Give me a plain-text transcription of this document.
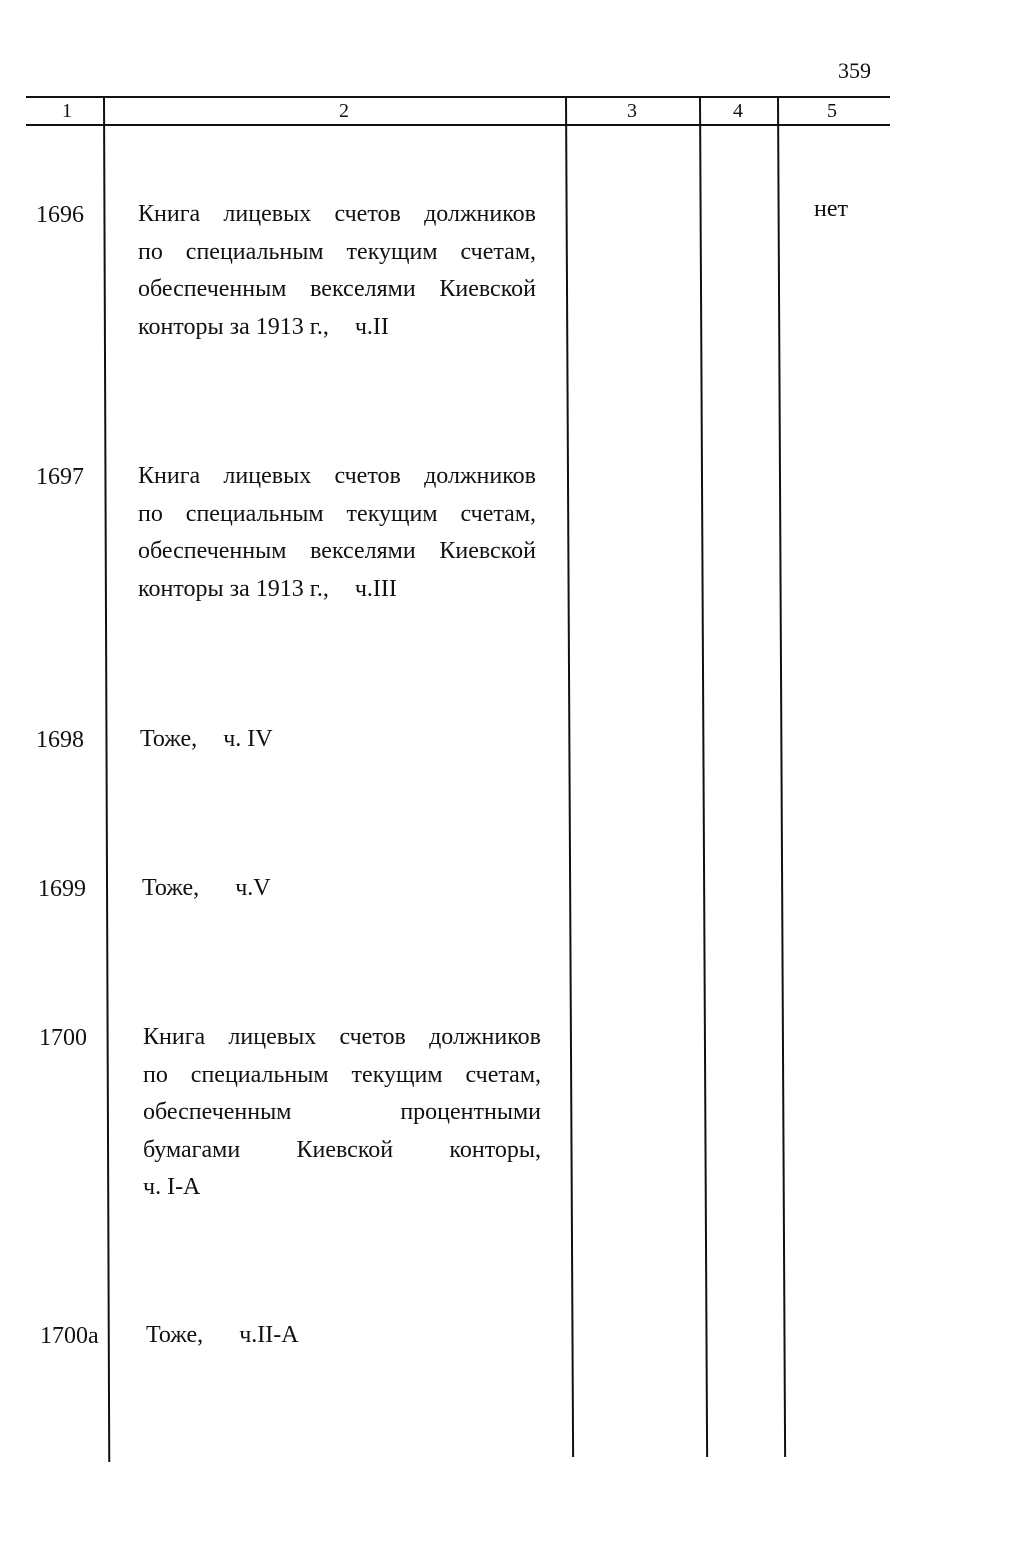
359
1	2	3	4	5
1696 Книга лицевых счетов должников

по специальным текущим счетам,

обеспеченным векселями Киевской

конторы за 1913 г., ч.II

нет
1697 Книга лицевых счетов должников

по специальным текущим счетам,

обеспеченным векселями Киевской

конторы за 1913 г., ч.III

1698 Тоже, ч. IV

1699 Тоже, ч.V

1700 Книга лицевых счетов должников

по специальным текущим счетам,

обеспеченным процентными

бумагами Киевской конторы,

ч. I-А

1700а Тоже, ч.II-А
